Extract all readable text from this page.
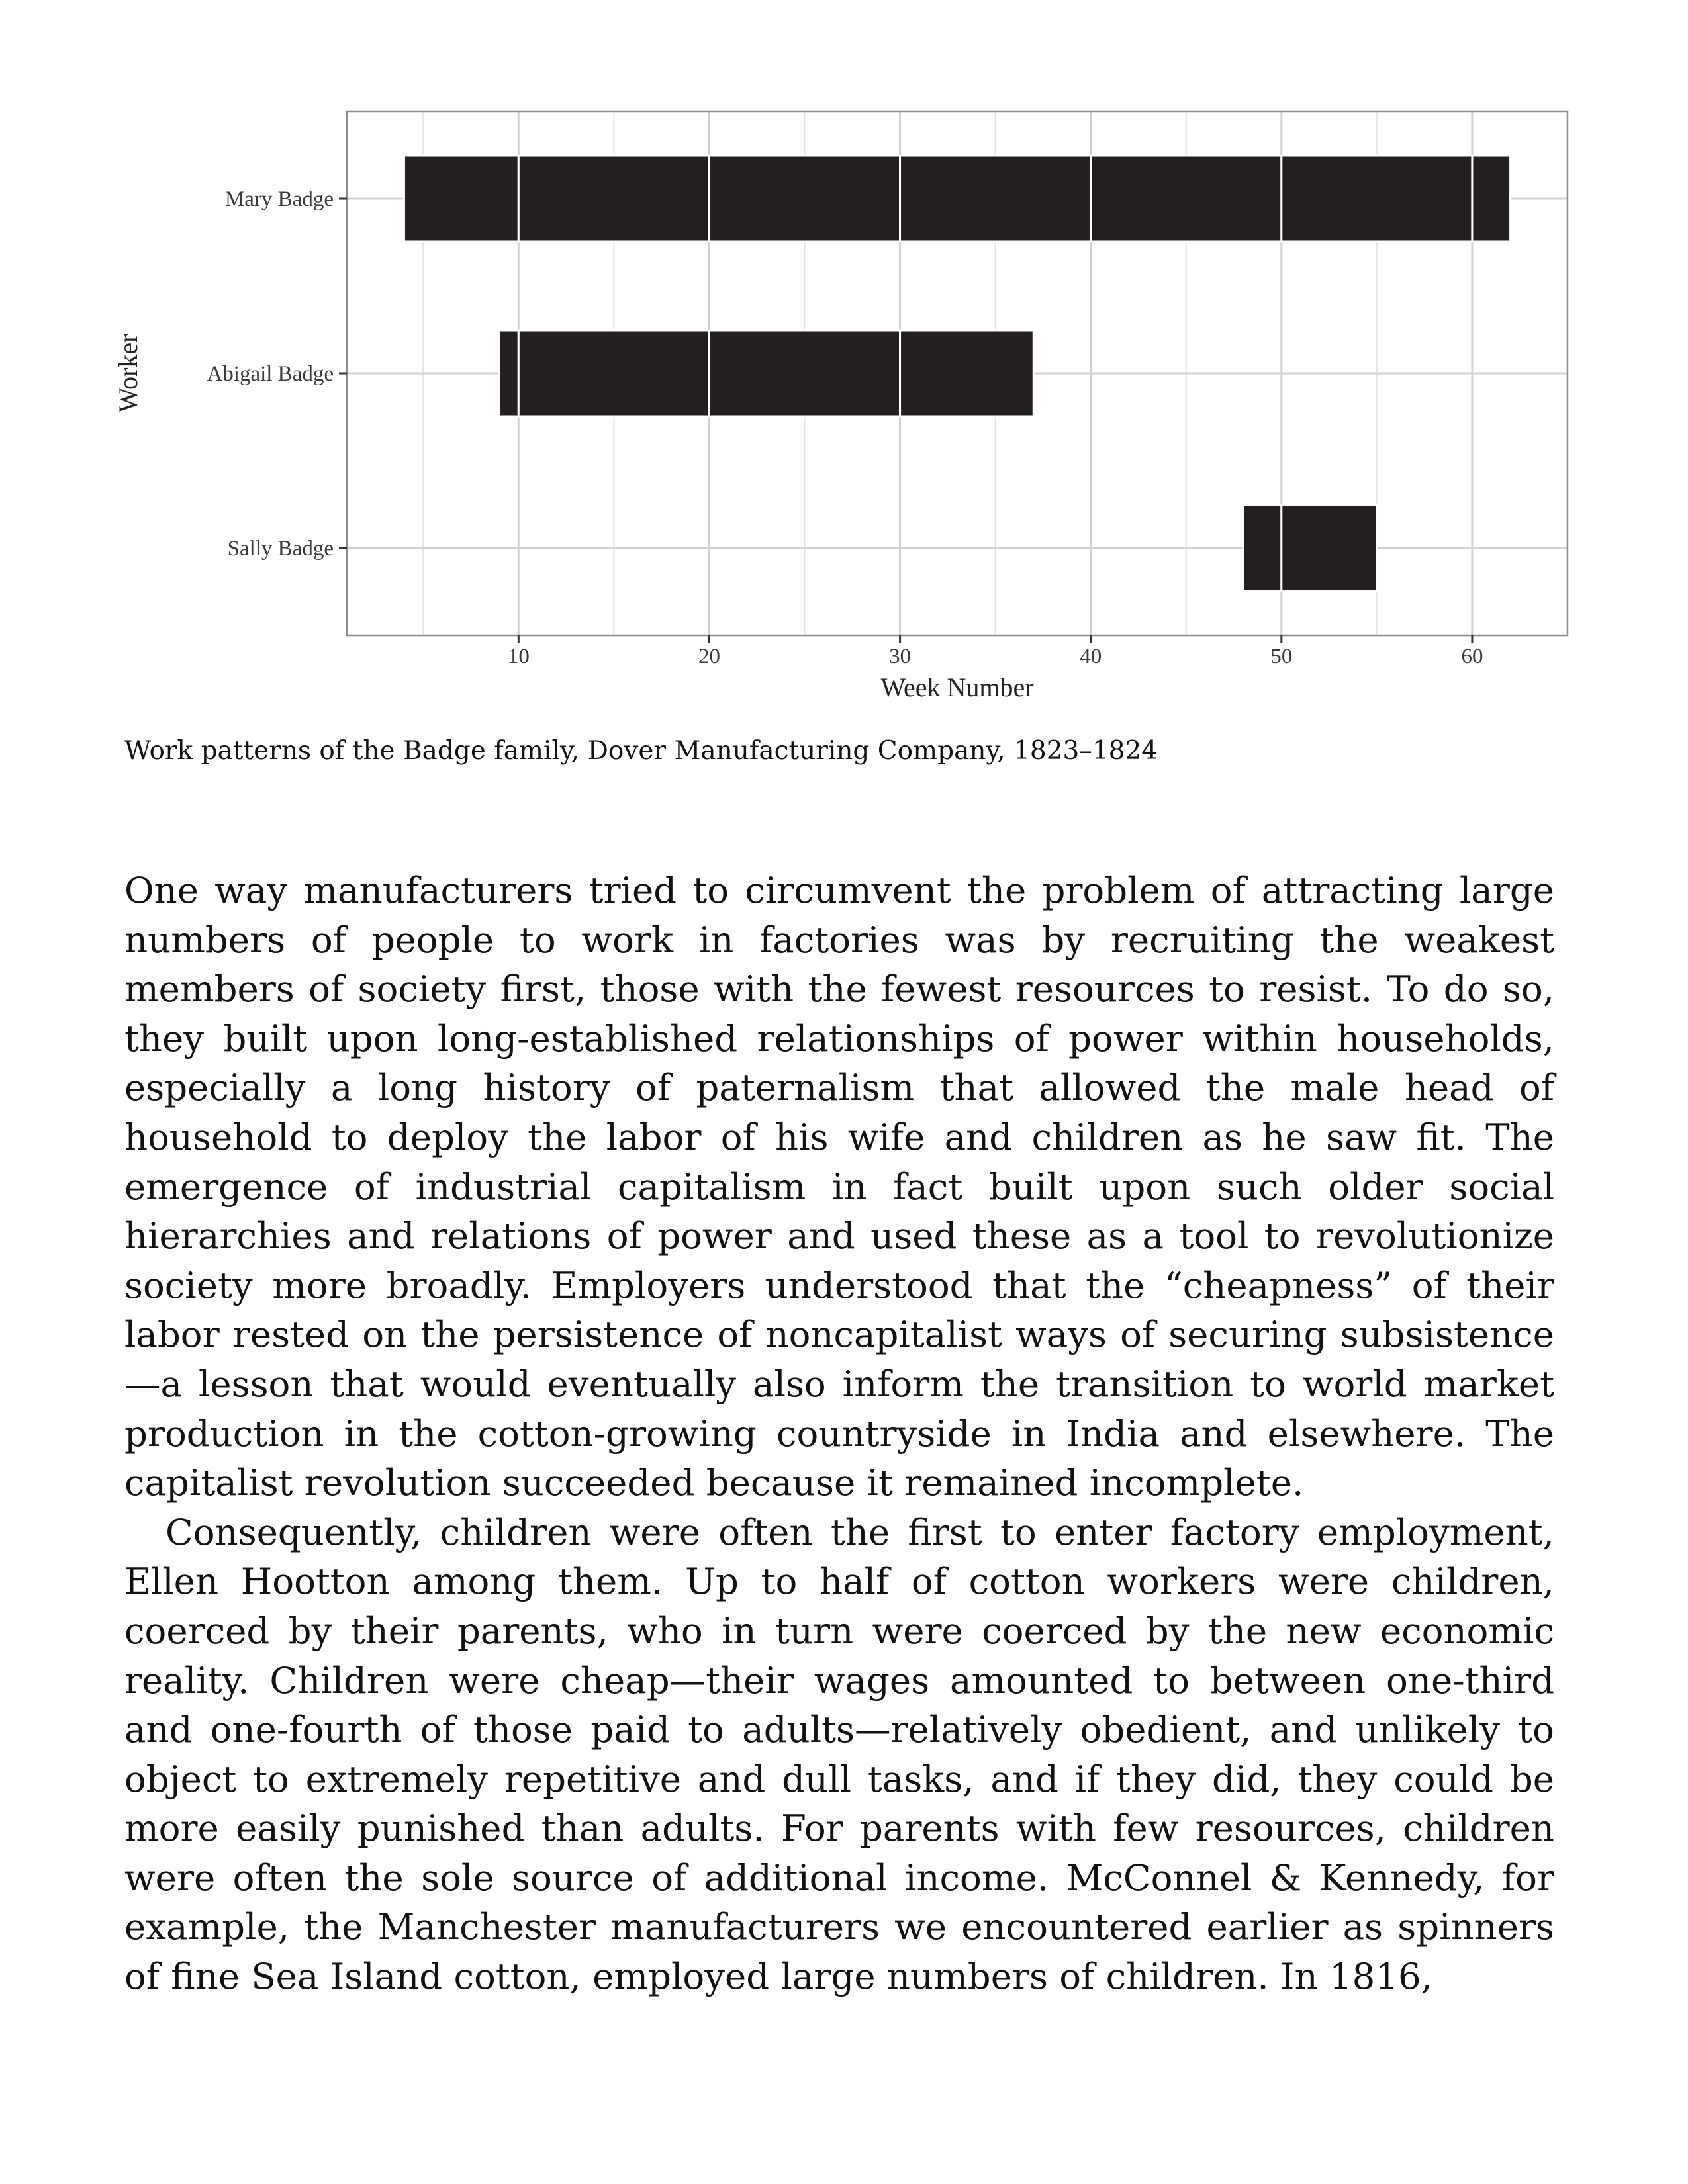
Mary Badge
Abigail Badge
Sally Badge
10	20	30	40	50	60
Week Number
Worker
Work patterns of the Badge family, Dover Manufacturing Company, 1823–1824

One way manufacturers tried to circumvent the problem of attracting large numbers of people to work in factories was by recruiting the weakest members of society first, those with the fewest resources to resist. To do so, they built upon long-established relationships of power within households, especially a long history of paternalism that allowed the male head of household to deploy the labor of his wife and children as he saw fit. The emergence of industrial capitalism in fact built upon such older social hierarchies and relations of power and used these as a tool to revolutionize society more broadly. Employers understood that the “cheapness” of their labor rested on the persistence of noncapitalist ways of securing subsistence —a lesson that would eventually also inform the transition to world market production in the cotton-growing countryside in India and elsewhere. The capitalist revolution succeeded because it remained incomplete.

Consequently, children were often the first to enter factory employment, Ellen Hootton among them. Up to half of cotton workers were children, coerced by their parents, who in turn were coerced by the new economic reality. Children were cheap—their wages amounted to between one-third and one-fourth of those paid to adults—relatively obedient, and unlikely to object to extremely repetitive and dull tasks, and if they did, they could be more easily punished than adults. For parents with few resources, children were often the sole source of additional income. McConnel & Kennedy, for example, the Manchester manufacturers we encountered earlier as spinners of fine Sea Island cotton, employed large numbers of children. In 1816,
